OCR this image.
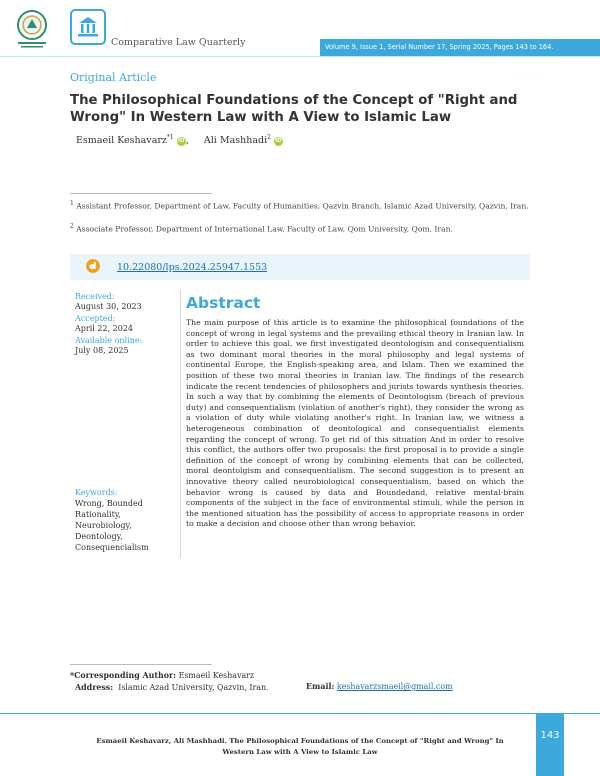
Comparative Law Quarterly	Volume 9, Issue 1, Serial Number 17, Spring 2025, Pages 143 to 164.
Original Article
The Philosophical Foundations of the Concept of "Right and Wrong" In Western Law with A View to Islamic Law
Esmaeil Keshavarz$^{*1}$ iD, Ali Mashhadi$^2$ iD
$^1$ Assistant Professor, Department of Law, Faculty of Humanities, Qazvin Branch, Islamic Azad University, Qazvin, Iran.
$^2$ Associate Professor, Department of International Law, Faculty of Law, Qom University, Qom, Iran.
10.22080/lps.2024.25947.1553
Received:
August 30, 2023
Accepted:
April 22, 2024
Available online:
July 08, 2025
Keywords:
Wrong, Bounded
Rationality,
Neurobiology,
Deontology,
Consequencialism
Abstract
The main purpose of this article is to examine the philosophical foundations of the concept of wrong in legal systems and the prevailing ethical theory in Iranian law. In order to achieve this goal, we first investigated deontologism and consequentialism as two dominant moral theories in the moral philosophy and legal systems of continental Europe, the English-speaking area, and Islam. Then we examined the position of these two moral theories in Iranian law. The findings of the research indicate the recent tendencies of philosophers and jurists towards synthesis theories. In such a way that by combining the elements of Deontologism (breach of previous duty) and consequentialism (violation of another's right), they consider the wrong as a violation of duty while violating another's right. In Iranian law, we witness a heterogeneous combination of deontological and consequentialist elements regarding the concept of wrong. To get rid of this situation And in order to resolve this conflict, the authors offer two proposals: the first proposal is to provide a single definition of the concept of wrong by combining elements that can be collected, moral deontolgism and consequentialism. The second suggestion is to present an innovative theory called neurobiological consequentialism, based on which the behavior wrong is caused by data and Boundedand, relative mental-brain components of the subject in the face of environmental stimuli, while the person in the mentioned situation has the possibility of access to appropriate reasons in order to make a decision and choose other than wrong behavior.
*Corresponding Author: Esmaeil Keshavarz
Address: Islamic Azad University, Qazvin, Iran.	Email: keshavarzsmaeil@gmail.com
Esmaeil Keshavarz, Ali Mashhadi. The Philosophical Foundations of the Concept of "Right and Wrong" In Western Law with A View to Islamic Law
143
